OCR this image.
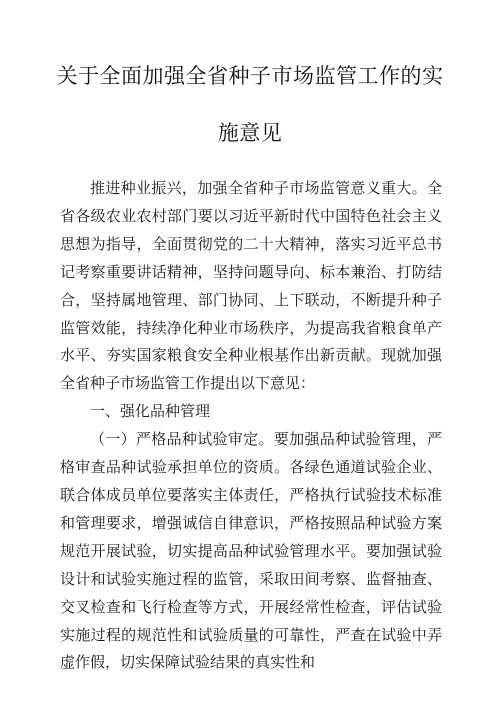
关于全面加强全省种子市场监管工作的实
施意见

推进种业振兴，加强全省种子市场监管意义重大。全省各级农业农村部门要以习近平新时代中国特色社会主义思想为指导，全面贯彻党的二十大精神，落实习近平总书记考察重要讲话精神，坚持问题导向、标本兼治、打防结合，坚持属地管理、部门协同、上下联动，不断提升种子监管效能，持续净化种业市场秩序，为提高我省粮食单产水平、夯实国家粮食安全种业根基作出新贡献。现就加强全省种子市场监管工作提出以下意见：

一、强化品种管理

（一）严格品种试验审定。要加强品种试验管理，严格审查品种试验承担单位的资质。各绿色通道试验企业、联合体成员单位要落实主体责任，严格执行试验技术标准和管理要求，增强诚信自律意识，严格按照品种试验方案规范开展试验，切实提高品种试验管理水平。要加强试验设计和试验实施过程的监管，采取田间考察、监督抽查、交叉检查和飞行检查等方式，开展经常性检查，评估试验实施过程的规范性和试验质量的可靠性，严查在试验中弄虚作假，切实保障试验结果的真实性和
